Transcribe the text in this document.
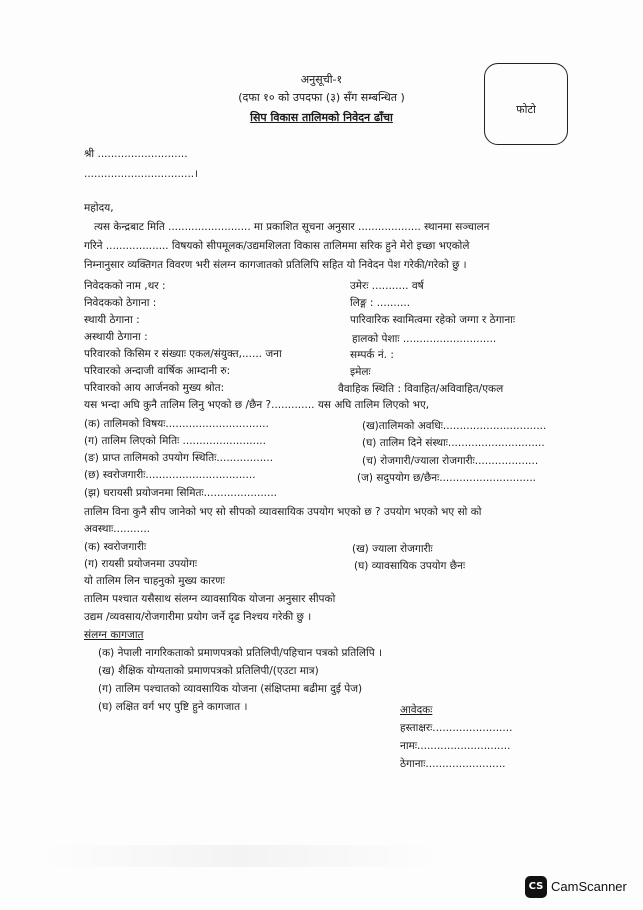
अनुसूची-१
(दफा १० को उपदफा (३) सँग सम्बन्धित )
सिप विकास तालिमको निवेदन ढाँचा
फोटो
श्री ...........................
.................................।
महोदय,
त्यस केन्द्रबाट मिति ......................... मा प्रकाशित सूचना अनुसार ................... स्थानमा सञ्चालन
गरिने ................... विषयको सीपमूलक/उद्यमशिलता विकास तालिममा सरिक हुने मेरो इच्छा भएकोले
निम्नानुसार व्यक्तिगत विवरण भरी संलग्न कागजातको प्रतिलिपि सहित यो निवेदन पेश गरेकी/गरेको छु ।
निवेदकको नाम ,थर :	उमेरः ........... वर्ष
निवेदकको ठेगाना :	लिङ्ग : ..........
स्थायी ठेगाना :	पारिवारिक स्वामित्वमा रहेको जग्गा र ठेगानाः
अस्थायी ठेगाना :	हालको पेशाः ............................
परिवारको किसिम र संख्याः एकल/संयुक्त,...... जना	सम्पर्क नं. :
परिवारको अन्दाजी वार्षिक आम्दानी रु:	इमेलः
परिवारको आय आर्जनको मुख्य श्रोत:	वैवाहिक स्थिति : विवाहित/अविवाहित/एकल
यस भन्दा अघि कुनै तालिम लिनु भएको छ /छैन ?............. यस अघि तालिम लिएको भए,
(क) तालिमको विषयः...............................	(ख)तालिमको अवधिः...............................
(ग) तालिम लिएको मितिः .........................	(घ) तालिम दिने संस्थाः.............................
(ङ) प्राप्त तालिमको उपयोग स्थितिः.................	(च) रोजगारी/ज्याला रोजगारीः...................
(छ) स्वरोजगारीः.................................	(ज) सदुपयोग छ/छैनः.............................
(झ) घरायसी प्रयोजनमा सिमितः......................
तालिम विना कुनै सीप जानेको भए सो सीपको व्यावसायिक उपयोग भएको छ ? उपयोग भएको भए सो को
अवस्थाः...........
(क) स्वरोजगारीः	(ख) ज्याला रोजगारीः
(ग) रायसी प्रयोजनमा उपयोगः	(घ) व्यावसायिक उपयोग छैनः
यो तालिम लिन चाहनुको मुख्य कारणः
तालिम पश्चात यसैसाथ संलग्न व्यावसायिक योजना अनुसार सीपको
उद्यम /व्यवसाय/रोजगारीमा प्रयोग जर्ने दृढ निश्चय गरेकी छु ।
संलग्न कागजात
(क) नेपाली नागरिकताको प्रमाणपत्रको प्रतिलिपी/पहिचान पत्रको प्रतिलिपि ।
(ख) शैक्षिक योग्यताको प्रमाणपत्रको प्रतिलिपी/(एउटा मात्र)
(ग) तालिम पश्चातको व्यावसायिक योजना (संक्षिप्तमा बढीमा दुई पेज)
(घ) लक्षित वर्ग भए पुष्टि हुने कागजात ।	आवेदकः
हस्ताक्षरः........................
नामः............................
ठेगानाः........................
CS CamScanner
